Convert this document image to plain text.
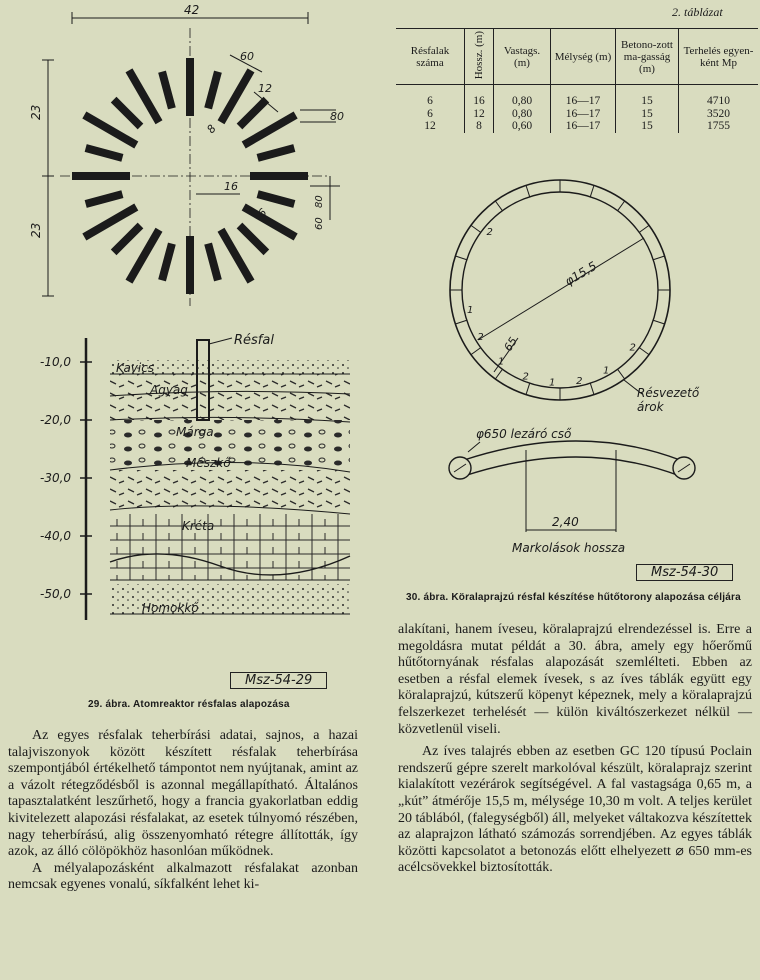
42
23
23
60
12
8
80
16
6
80
60
-10,0
-20,0
-30,0
-40,0
-50,0
Résfal
Kavics
Agyag
Márga
Mészkő
Kréta
Homokkő
Msz-54-29
29. ábra. Atomreaktor résfalas alapozása

Az egyes résfalak teherbírási adatai, sajnos, a hazai talajviszonyok között készített résfalak teherbírása szempontjából értékelhető támpontot nem nyújtanak, amint az a vázolt rétegződésből is azonnal megállapítható. Általános tapasztalatként leszűrhető, hogy a francia gyakorlatban eddig kivitelezett alapozási résfalakat, az esetek túlnyomó részében, nagy teherbírású, alig összenyomható rétegre állították, így azok, az álló cölöpökhöz hasonlóan működnek.

A mélyalapozásként alkalmazott résfalakat azonban nemcsak egyenes vonalú, síkfalként lehet ki-

2. táblázat
Résfalak száma	Hossz. (m)	Vastags. (m)	Mélység (m)	Betono-zott ma-gasság (m)	Terhelés egyen-ként Mp
6	16	0,80	16—17	15	4710
6	12	0,80	16—17	15	3520
12	8	0,60	16—17	15	1755
φ15,5
65
1
2
1
2
1 2
1
2
2
φ650 lezáró cső
2,40
Markolások hossza
Résvezető árok
Msz-54-30
30. ábra. Köralaprajzú résfal készítése hűtőtorony alapozása céljára

alakítani, hanem íveseu, köralaprajzú elrendezéssel is. Erre a megoldásra mutat példát a 30. ábra, amely egy hőerőmű hűtőtornyának résfalas alapozását szemlélteti. Ebben az esetben a résfal elemek ívesek, s az íves táblák együtt egy köralaprajzú, kútszerű köpenyt képeznek, mely a köralaprajzú felszerkezet terhelését — külön kiváltószerkezet nélkül — közvetlenül viseli.

Az íves talajrés ebben az esetben GC 120 típusú Poclain rendszerű gépre szerelt markolóval készült, köralaprajz szerint kialakított vezérárok segítségével. A fal vastagsága 0,65 m, a „kút” átmérője 15,5 m, mélysége 10,30 m volt. A teljes kerület 20 táblából, (falegységből) áll, melyeket váltakozva készítettek az alaprajzon látható számozás sorrendjében. Az egyes táblák közötti kapcsolatot a betonozás előtt elhelyezett ⌀ 650 mm-es acélcsövekkel biztosították.
